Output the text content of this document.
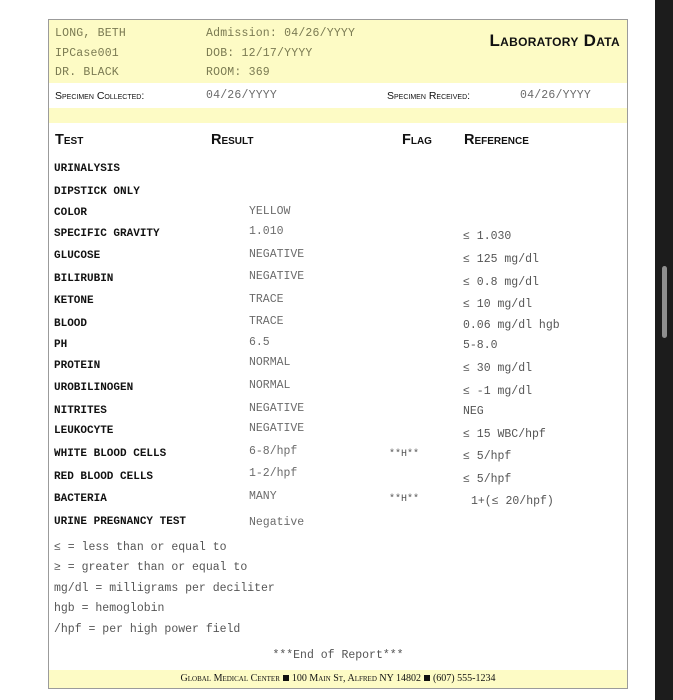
LONG, BETH
IPCase001
DR. BLACK
Admission: 04/26/YYYY
DOB: 12/17/YYYY
ROOM: 369
Laboratory Data
Specimen Collected:	04/26/YYYY	Specimen Received:	04/26/YYYY
Test	Result	Flag Reference
URINALYSIS
DIPSTICK ONLY
COLOR	YELLOW
SPECIFIC GRAVITY	1.010	≤ 1.030
GLUCOSE	NEGATIVE	≤ 125 mg/dl
BILIRUBIN	NEGATIVE	≤ 0.8 mg/dl
KETONE	TRACE	≤ 10 mg/dl
BLOOD	TRACE	0.06 mg/dl hgb
PH	6.5	5-8.0
PROTEIN	NORMAL	≤ 30 mg/dl
UROBILINOGEN	NORMAL	≤ -1 mg/dl
NITRITES	NEGATIVE	NEG
LEUKOCYTE	NEGATIVE	≤ 15 WBC/hpf
WHITE BLOOD CELLS	6-8/hpf	**H**	≤ 5/hpf
RED BLOOD CELLS	1-2/hpf	≤ 5/hpf
BACTERIA	MANY	**H**	1+(≤ 20/hpf)
URINE PREGNANCY TEST	Negative
≤ = less than or equal to
≥ = greater than or equal to
mg/dl = milligrams per deciliter
hgb = hemoglobin
/hpf = per high power field
***End of Report***
Global Medical Center 100 Main St, Alfred NY 14802 (607) 555-1234
